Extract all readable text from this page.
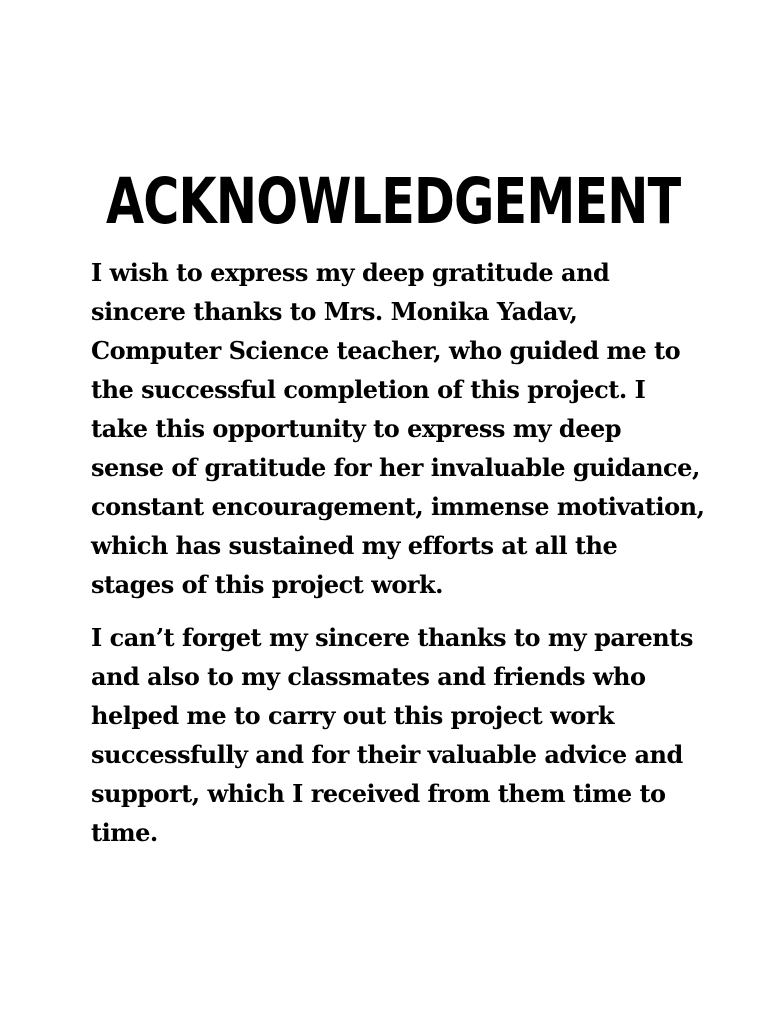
ACKNOWLEDGEMENT

I wish to express my deep gratitude and
sincere thanks to Mrs. Monika Yadav,
Computer Science teacher, who guided me to
the successful completion of this project. I
take this opportunity to express my deep
sense of gratitude for her invaluable guidance,
constant encouragement, immense motivation,
which has sustained my efforts at all the
stages of this project work.

I can’t forget my sincere thanks to my parents
and also to my classmates and friends who
helped me to carry out this project work
successfully and for their valuable advice and
support, which I received from them time to
time.
